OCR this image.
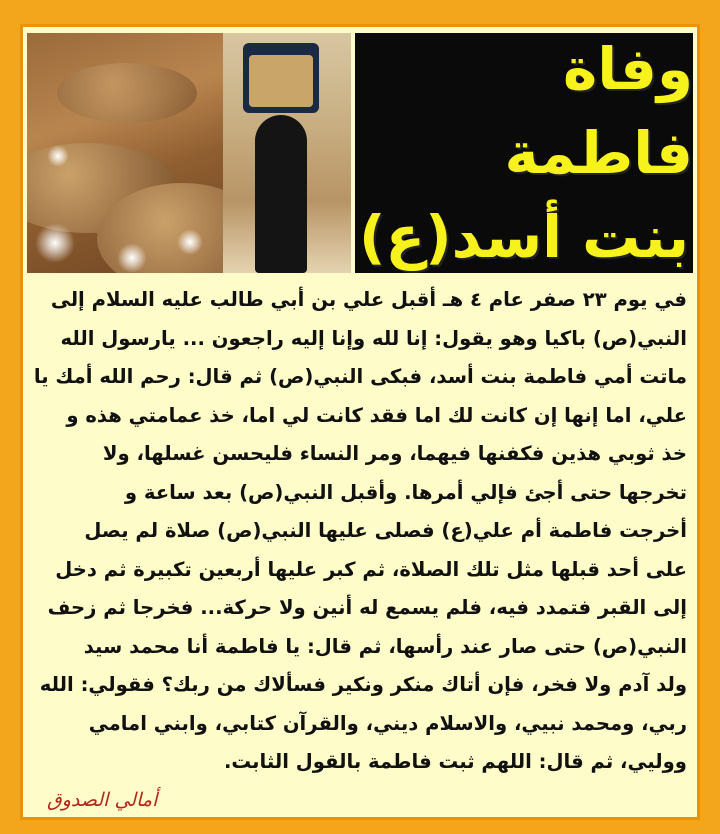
وفاة فاطمة
بنت أسد(ع)
في يوم ٢٣ صفر عام ٤ هـ أقبل علي بن أبي طالب عليه السلام إلى
النبي(ص) باكيا وهو يقول: إنا لله وإنا إليه راجعون ... يارسول الله
ماتت أمي فاطمة بنت أسد، فبكى النبي(ص) ثم قال: رحم الله أمك يا
علي، اما إنها إن كانت لك اما فقد كانت لي اما، خذ عمامتي هذه و
خذ ثوبي هذين فكفنها فيهما، ومر النساء فليحسن غسلها، ولا
تخرجها حتى أجئ فإلي أمرها. وأقبل النبي(ص) بعد ساعة و
أخرجت فاطمة أم علي(ع) فصلى عليها النبي(ص) صلاة لم يصل
على أحد قبلها مثل تلك الصلاة، ثم كبر عليها أربعين تكبيرة ثم دخل
إلى القبر فتمدد فيه، فلم يسمع له أنين ولا حركة... فخرجا ثم زحف
النبي(ص) حتى صار عند رأسها، ثم قال: يا فاطمة أنا محمد سيد
ولد آدم ولا فخر، فإن أتاك منكر ونكير فسألاك من ربك؟ فقولي: الله
ربي، ومحمد نبيي، والاسلام ديني، والقرآن كتابي، وابني امامي
ووليي، ثم قال: اللهم ثبت فاطمة بالقول الثابت.
أمالي الصدوق
